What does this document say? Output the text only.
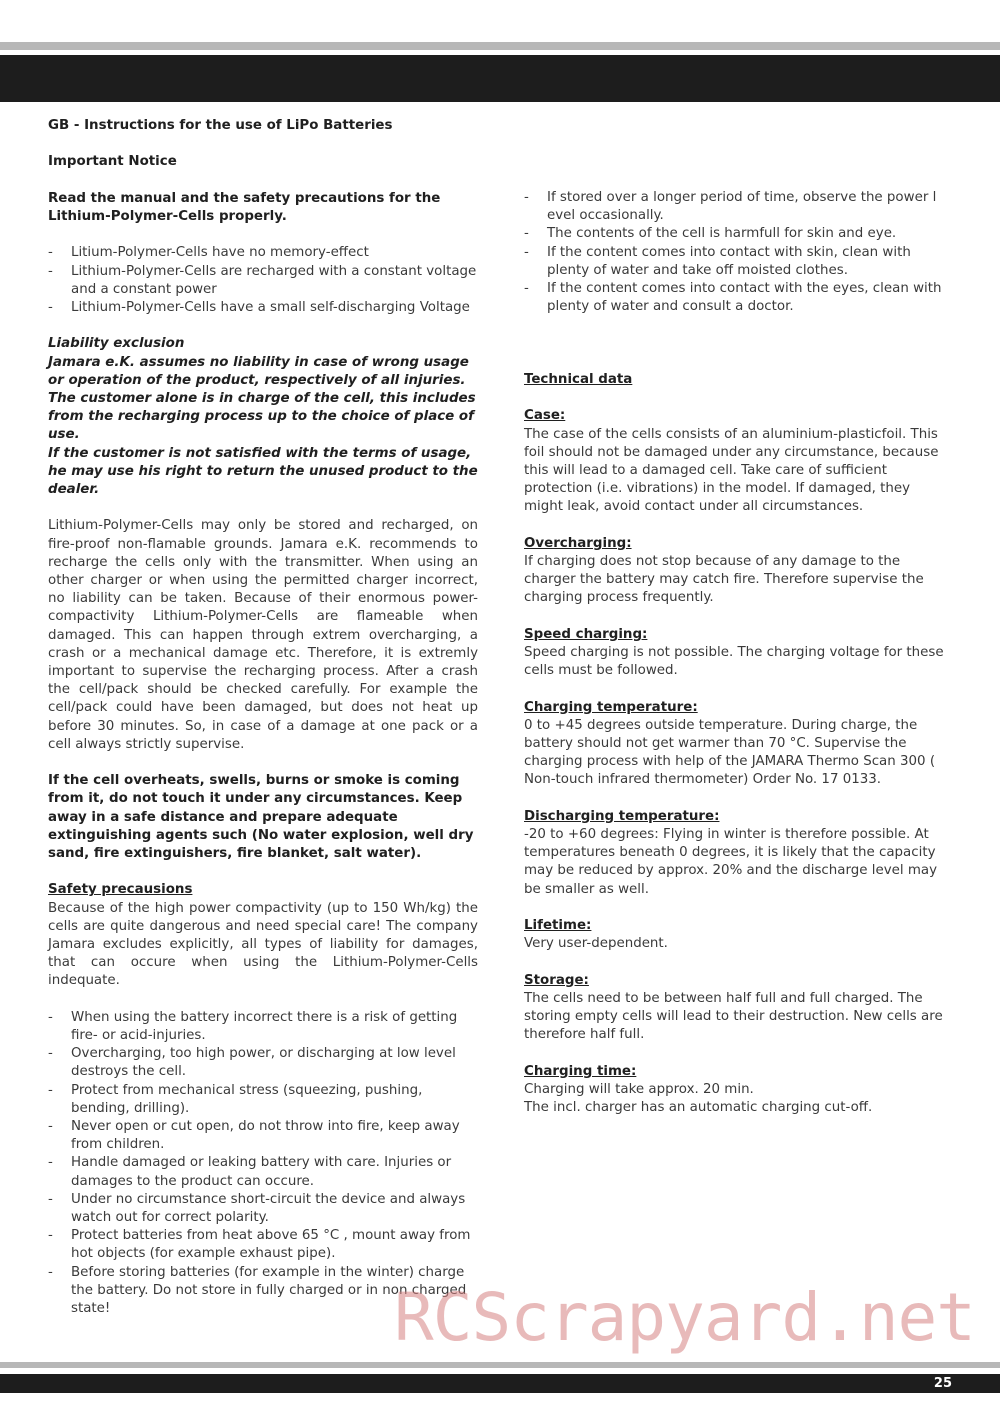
GB - Instructions for the use of LiPo Batteries

Important Notice

Read the manual and the safety precautions for the Lithium-Polymer-Cells properly.

- Litium-Polymer-Cells have no memory-effect
- Lithium-Polymer-Cells are recharged with a constant voltage and a constant power
- Lithium-Polymer-Cells have a small self-discharging Voltage

Liability exclusion

Jamara e.K. assumes no liability in case of wrong usage or operation of the product, respectively of all injuries.

The customer alone is in charge of the cell, this includes from the recharging process up to the choice of place of use.

If the customer is not satisfied with the terms of usage, he may use his right to return the unused product to the dealer.

Lithium-Polymer-Cells may only be stored and recharged, on fire-proof non-flamable grounds. Jamara e.K. recommends to recharge the cells only with the transmitter. When using an other charger or when using the permitted charger incorrect, no liability can be taken. Because of their enormous power-compactivity Lithium-Polymer-Cells are flameable when damaged. This can happen through extrem overcharging, a crash or a mechanical damage etc. Therefore, it is extremly important to supervise the recharging process. After a crash the cell/pack should be checked carefully. For example the cell/pack could have been damaged, but does not heat up before 30 minutes. So, in case of a damage at one pack or a cell always strictly supervise.

If the cell overheats, swells, burns or smoke is coming from it, do not touch it under any circumstances. Keep away in a safe distance and prepare adequate extinguishing agents such (No water explosion, well dry sand, fire extinguishers, fire blanket, salt water).

Safety precausions

Because of the high power compactivity (up to 150 Wh/kg) the cells are quite dangerous and need special care! The company Jamara excludes explicitly, all types of liability for damages, that can occure when using the Lithium-Polymer-Cells indequate.

- When using the battery incorrect there is a risk of getting fire- or acid-injuries.
- Overcharging, too high power, or discharging at low level destroys the cell.
- Protect from mechanical stress (squeezing, pushing, bending, drilling).
- Never open or cut open, do not throw into fire, keep away from children.
- Handle damaged or leaking battery with care. Injuries or damages to the product can occure.
- Under no circumstance short-circuit the device and always watch out for correct polarity.
- Protect batteries from heat above 65 °C , mount away from hot objects (for example exhaust pipe).
- Before storing batteries (for example in the winter) charge the battery. Do not store in fully charged or in non charged state!
- If stored over a longer period of time, observe the power l evel occasionally.
- The contents of the cell is harmfull for skin and eye.
- If the content comes into contact with skin, clean with plenty of water and take off moisted clothes.
- If the content comes into contact with the eyes, clean with plenty of water and consult a doctor.

Technical data

Case:

The case of the cells consists of an aluminium-plasticfoil. This foil should not be damaged under any circumstance, because this will lead to a damaged cell. Take care of sufficient protection (i.e. vibrations) in the model. If damaged, they might leak, avoid contact under all circumstances.

Overcharging:

If charging does not stop because of any damage to the charger the battery may catch fire. Therefore supervise the charging process frequently.

Speed charging:

Speed charging is not possible. The charging voltage for these cells must be followed.

Charging temperature:

0 to +45 degrees outside temperature. During charge, the battery should not get warmer than 70 °C. Supervise the charging process with help of the JAMARA Thermo Scan 300 ( Non-touch infrared thermometer) Order No. 17 0133.

Discharging temperature:

-20 to +60 degrees: Flying in winter is therefore possible. At temperatures beneath 0 degrees, it is likely that the capacity may be reduced by approx. 20% and the discharge level may be smaller as well.

Lifetime:

Very user-dependent.

Storage:

The cells need to be between half full and full charged. The storing empty cells will lead to their destruction. New cells are therefore half full.

Charging time:

Charging will take approx. 20 min.

The incl. charger has an automatic charging cut-off.

RCScrapyard.net
25
